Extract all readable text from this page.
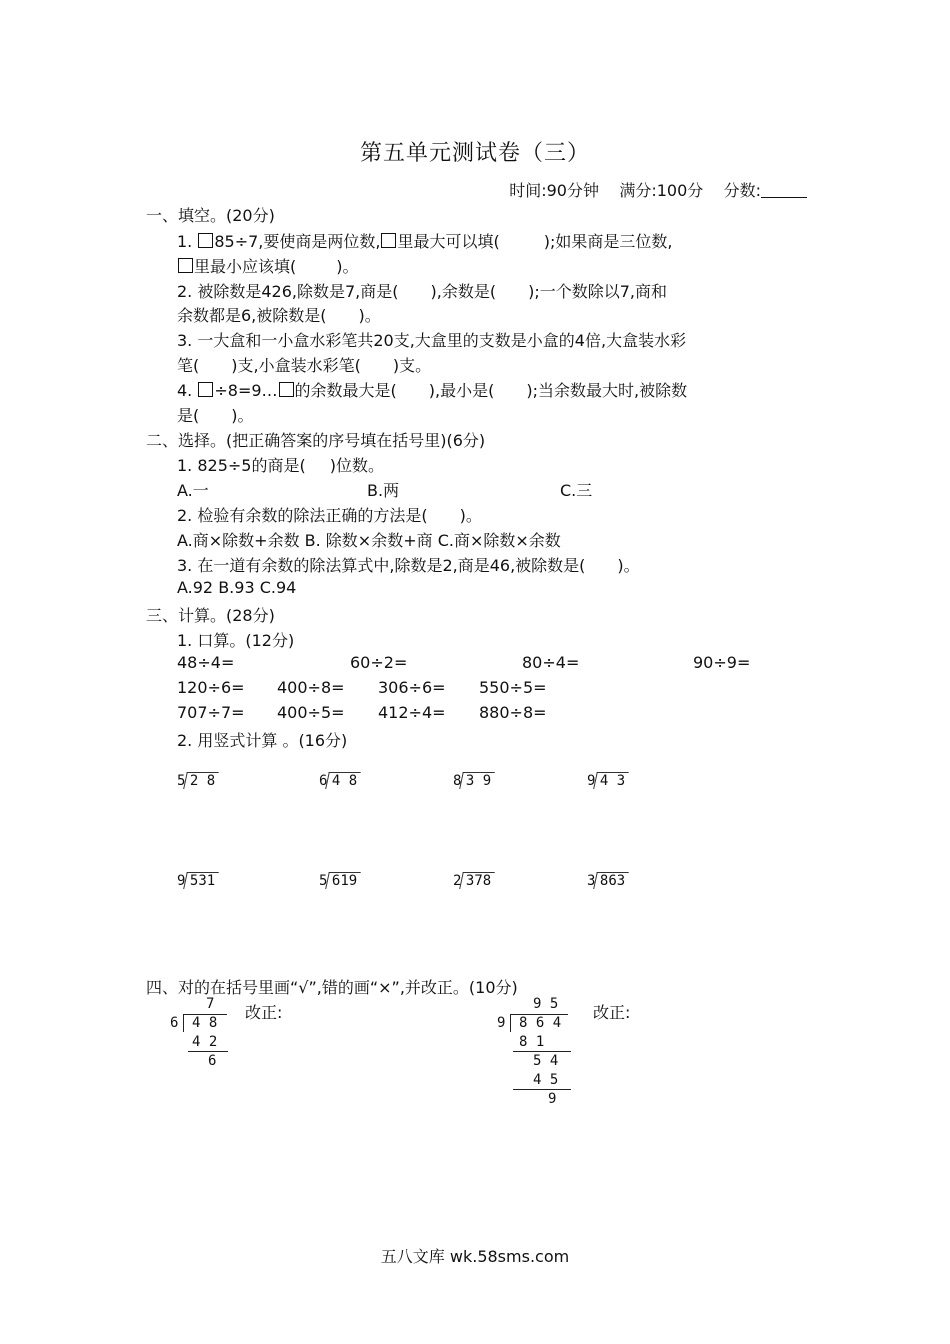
第五单元测试卷（三）
时间:90分钟 满分:100分 分数:
一、填空。(20分)
1. 85÷7,要使商是两位数, 里最大可以填(	);如果商是三位数,
里最小应该填(	)。
2. 被除数是426,除数是7,商是( ),余数是( );一个数除以7,商和
余数都是6,被除数是( )。
3. 一大盒和一小盒水彩笔共20支,大盒里的支数是小盒的4倍,大盒装水彩
笔( )支,小盒装水彩笔( )支。
4. ÷8=9… 的余数最大是( ),最小是( );当余数最大时,被除数
是( )。
二、选择。(把正确答案的序号填在括号里)(6分)
1. 825÷5的商是( )位数。
A.一	B.两	C.三
2. 检验有余数的除法正确的方法是( )。
A.商×除数+余数 B. 除数×余数+商 C.商×除数×余数
3. 在一道有余数的除法算式中,除数是2,商是46,被除数是( )。
A.92 B.93 C.94
三、计算。(28分)
1. 口算。(12分)
48÷4=	60÷2=	80÷4=	90÷9=
120÷6= 400÷8= 306÷6= 550÷5=
707÷7= 400÷5= 412÷4= 880÷8=
2. 用竖式计算 。(16分)
5 2 8	6 4 8	8 3 9	9 4 3
9 531	5 619	2 378	3 863
四、对的在括号里画“√”,错的画“×”,并改正。(10分)
7
6 4 8
4 2
6
改正:	9 5
9 8 6 4
8 1
5 4
4 5
9
改正:
五八文库 wk.58sms.com
